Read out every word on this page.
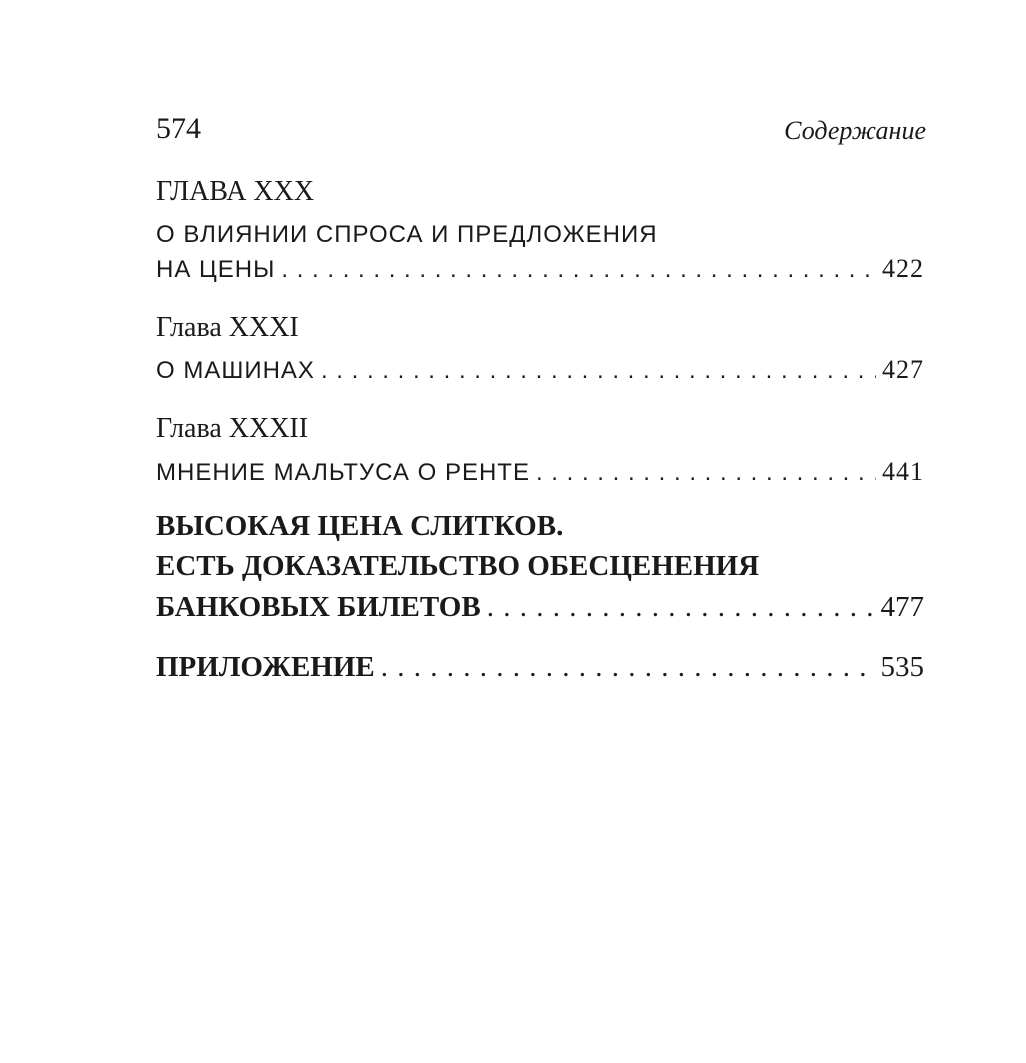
574	Содержание
ГЛАВА XXX
О ВЛИЯНИИ СПРОСА И ПРЕДЛОЖЕНИЯ
НА ЦЕНЫ . . .	422
Глава XXXI
О МАШИНАХ . . .	427
Глава XXXII
МНЕНИЕ МАЛЬТУСА О РЕНТЕ . . .	441
ВЫСОКАЯ ЦЕНА СЛИТКОВ.
ЕСТЬ ДОКАЗАТЕЛЬСТВО ОБЕСЦЕНЕНИЯ
БАНКОВЫХ БИЛЕТОВ . . .	477
ПРИЛОЖЕНИЕ . . .	535
